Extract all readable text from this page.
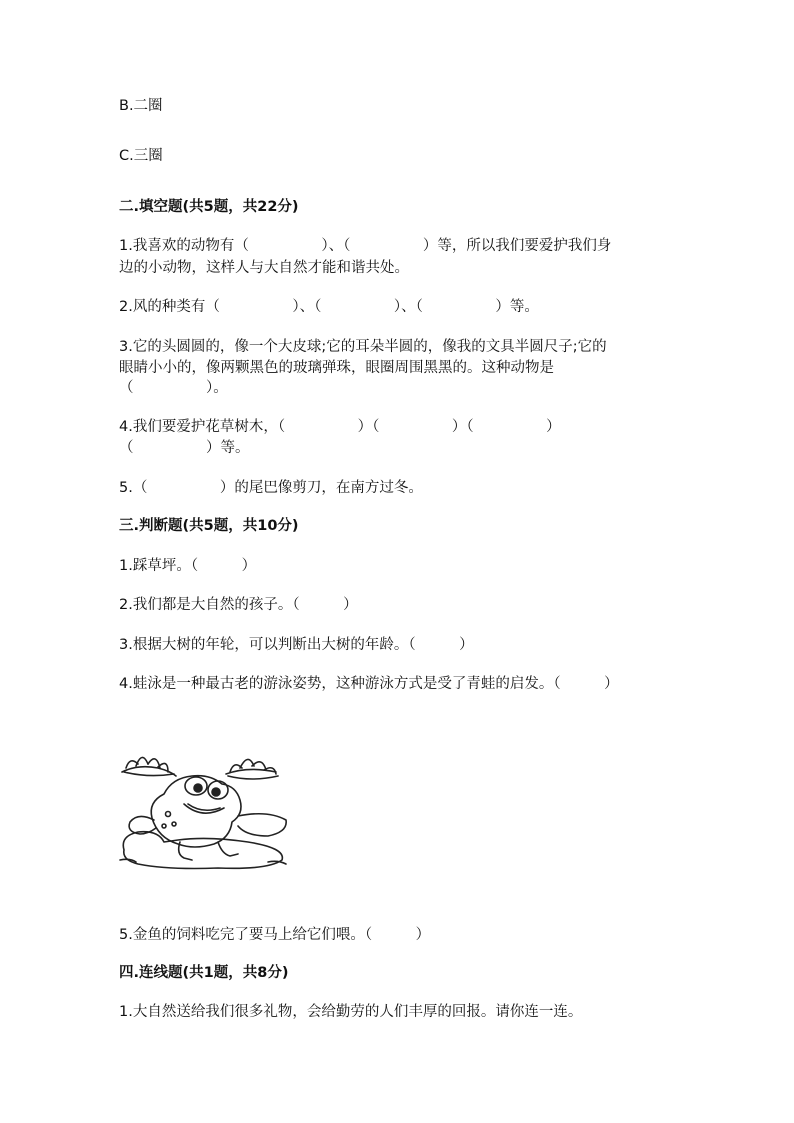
B.二圈
C.三圈
二.填空题(共5题，共22分)
1.我喜欢的动物有（　　　　　）、（　　　　　）等，所以我们要爱护我们身
边的小动物，这样人与大自然才能和谐共处。
2.风的种类有（　　　　　）、（　　　　　）、（　　　　　）等。
3.它的头圆圆的，像一个大皮球;它的耳朵半圆的，像我的文具半圆尺子;它的
眼睛小小的，像两颗黑色的玻璃弹珠，眼圈周围黑黑的。这种动物是
（　　　　　）。
4.我们要爱护花草树木，（　　　　　）（　　　　　）（　　　　　）
（　　　　　）等。
5.（　　　　　）的尾巴像剪刀，在南方过冬。
三.判断题(共5题，共10分)
1.踩草坪。（　　　）
2.我们都是大自然的孩子。（　　　）
3.根据大树的年轮，可以判断出大树的年龄。（　　　）
4.蛙泳是一种最古老的游泳姿势，这种游泳方式是受了青蛙的启发。（　　　）
5.金鱼的饲料吃完了要马上给它们喂。（　　　）
四.连线题(共1题，共8分)
1.大自然送给我们很多礼物，会给勤劳的人们丰厚的回报。请你连一连。
